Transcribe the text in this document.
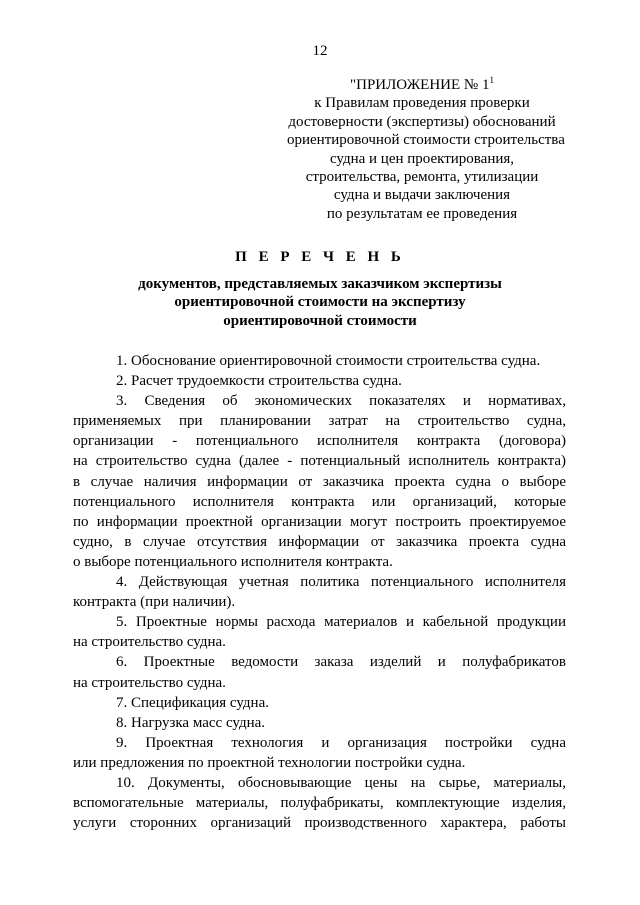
12
"ПРИЛОЖЕНИЕ № $1^1$
к Правилам проведения проверки
достоверности (экспертизы) обоснований
ориентировочной стоимости строительства
судна и цен проектирования,
строительства, ремонта, утилизации
судна и выдачи заключения
по результатам ее проведения
П Е Р Е Ч Е Н Ь
документов, представляемых заказчиком экспертизы
ориентировочной стоимости на экспертизу
ориентировочной стоимости

1. Обоснование ориентировочной стоимости строительства судна.

2. Расчет трудоемкости строительства судна.

3. Сведения об экономических показателях и нормативах,
применяемых при планировании затрат на строительство судна,
организации - потенциального исполнителя контракта (договора)
на строительство судна (далее - потенциальный исполнитель контракта)
в случае наличия информации от заказчика проекта судна о выборе
потенциального исполнителя контракта или организаций, которые
по информации проектной организации могут построить проектируемое
судно, в случае отсутствия информации от заказчика проекта судна
о выборе потенциального исполнителя контракта.

4. Действующая учетная политика потенциального исполнителя
контракта (при наличии).

5. Проектные нормы расхода материалов и кабельной продукции
на строительство судна.

6. Проектные ведомости заказа изделий и полуфабрикатов
на строительство судна.

7. Спецификация судна.

8. Нагрузка масс судна.

9. Проектная технология и организация постройки судна
или предложения по проектной технологии постройки судна.

10. Документы, обосновывающие цены на сырье, материалы,
вспомогательные материалы, полуфабрикаты, комплектующие изделия,
услуги сторонних организаций производственного характера, работы
